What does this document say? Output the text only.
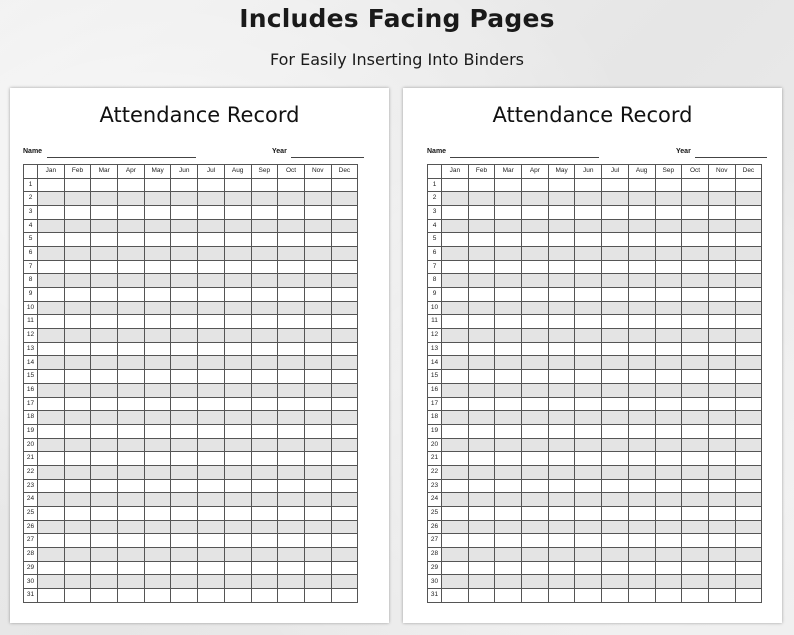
Includes Facing Pages
For Easily Inserting Into Binders
Attendance Record
Name	Year
	Jan	Feb	Mar	Apr	May	Jun	Jul	Aug	Sep	Oct	Nov	Dec
1												
2												
3												
4												
5												
6												
7												
8												
9												
10												
11												
12												
13												
14												
15												
16												
17												
18												
19												
20												
21												
22												
23												
24												
25												
26												
27												
28												
29												
30												
31												
Attendance Record
Name	Year
	Jan	Feb	Mar	Apr	May	Jun	Jul	Aug	Sep	Oct	Nov	Dec
1												
2												
3												
4												
5												
6												
7												
8												
9												
10												
11												
12												
13												
14												
15												
16												
17												
18												
19												
20												
21												
22												
23												
24												
25												
26												
27												
28												
29												
30												
31												
